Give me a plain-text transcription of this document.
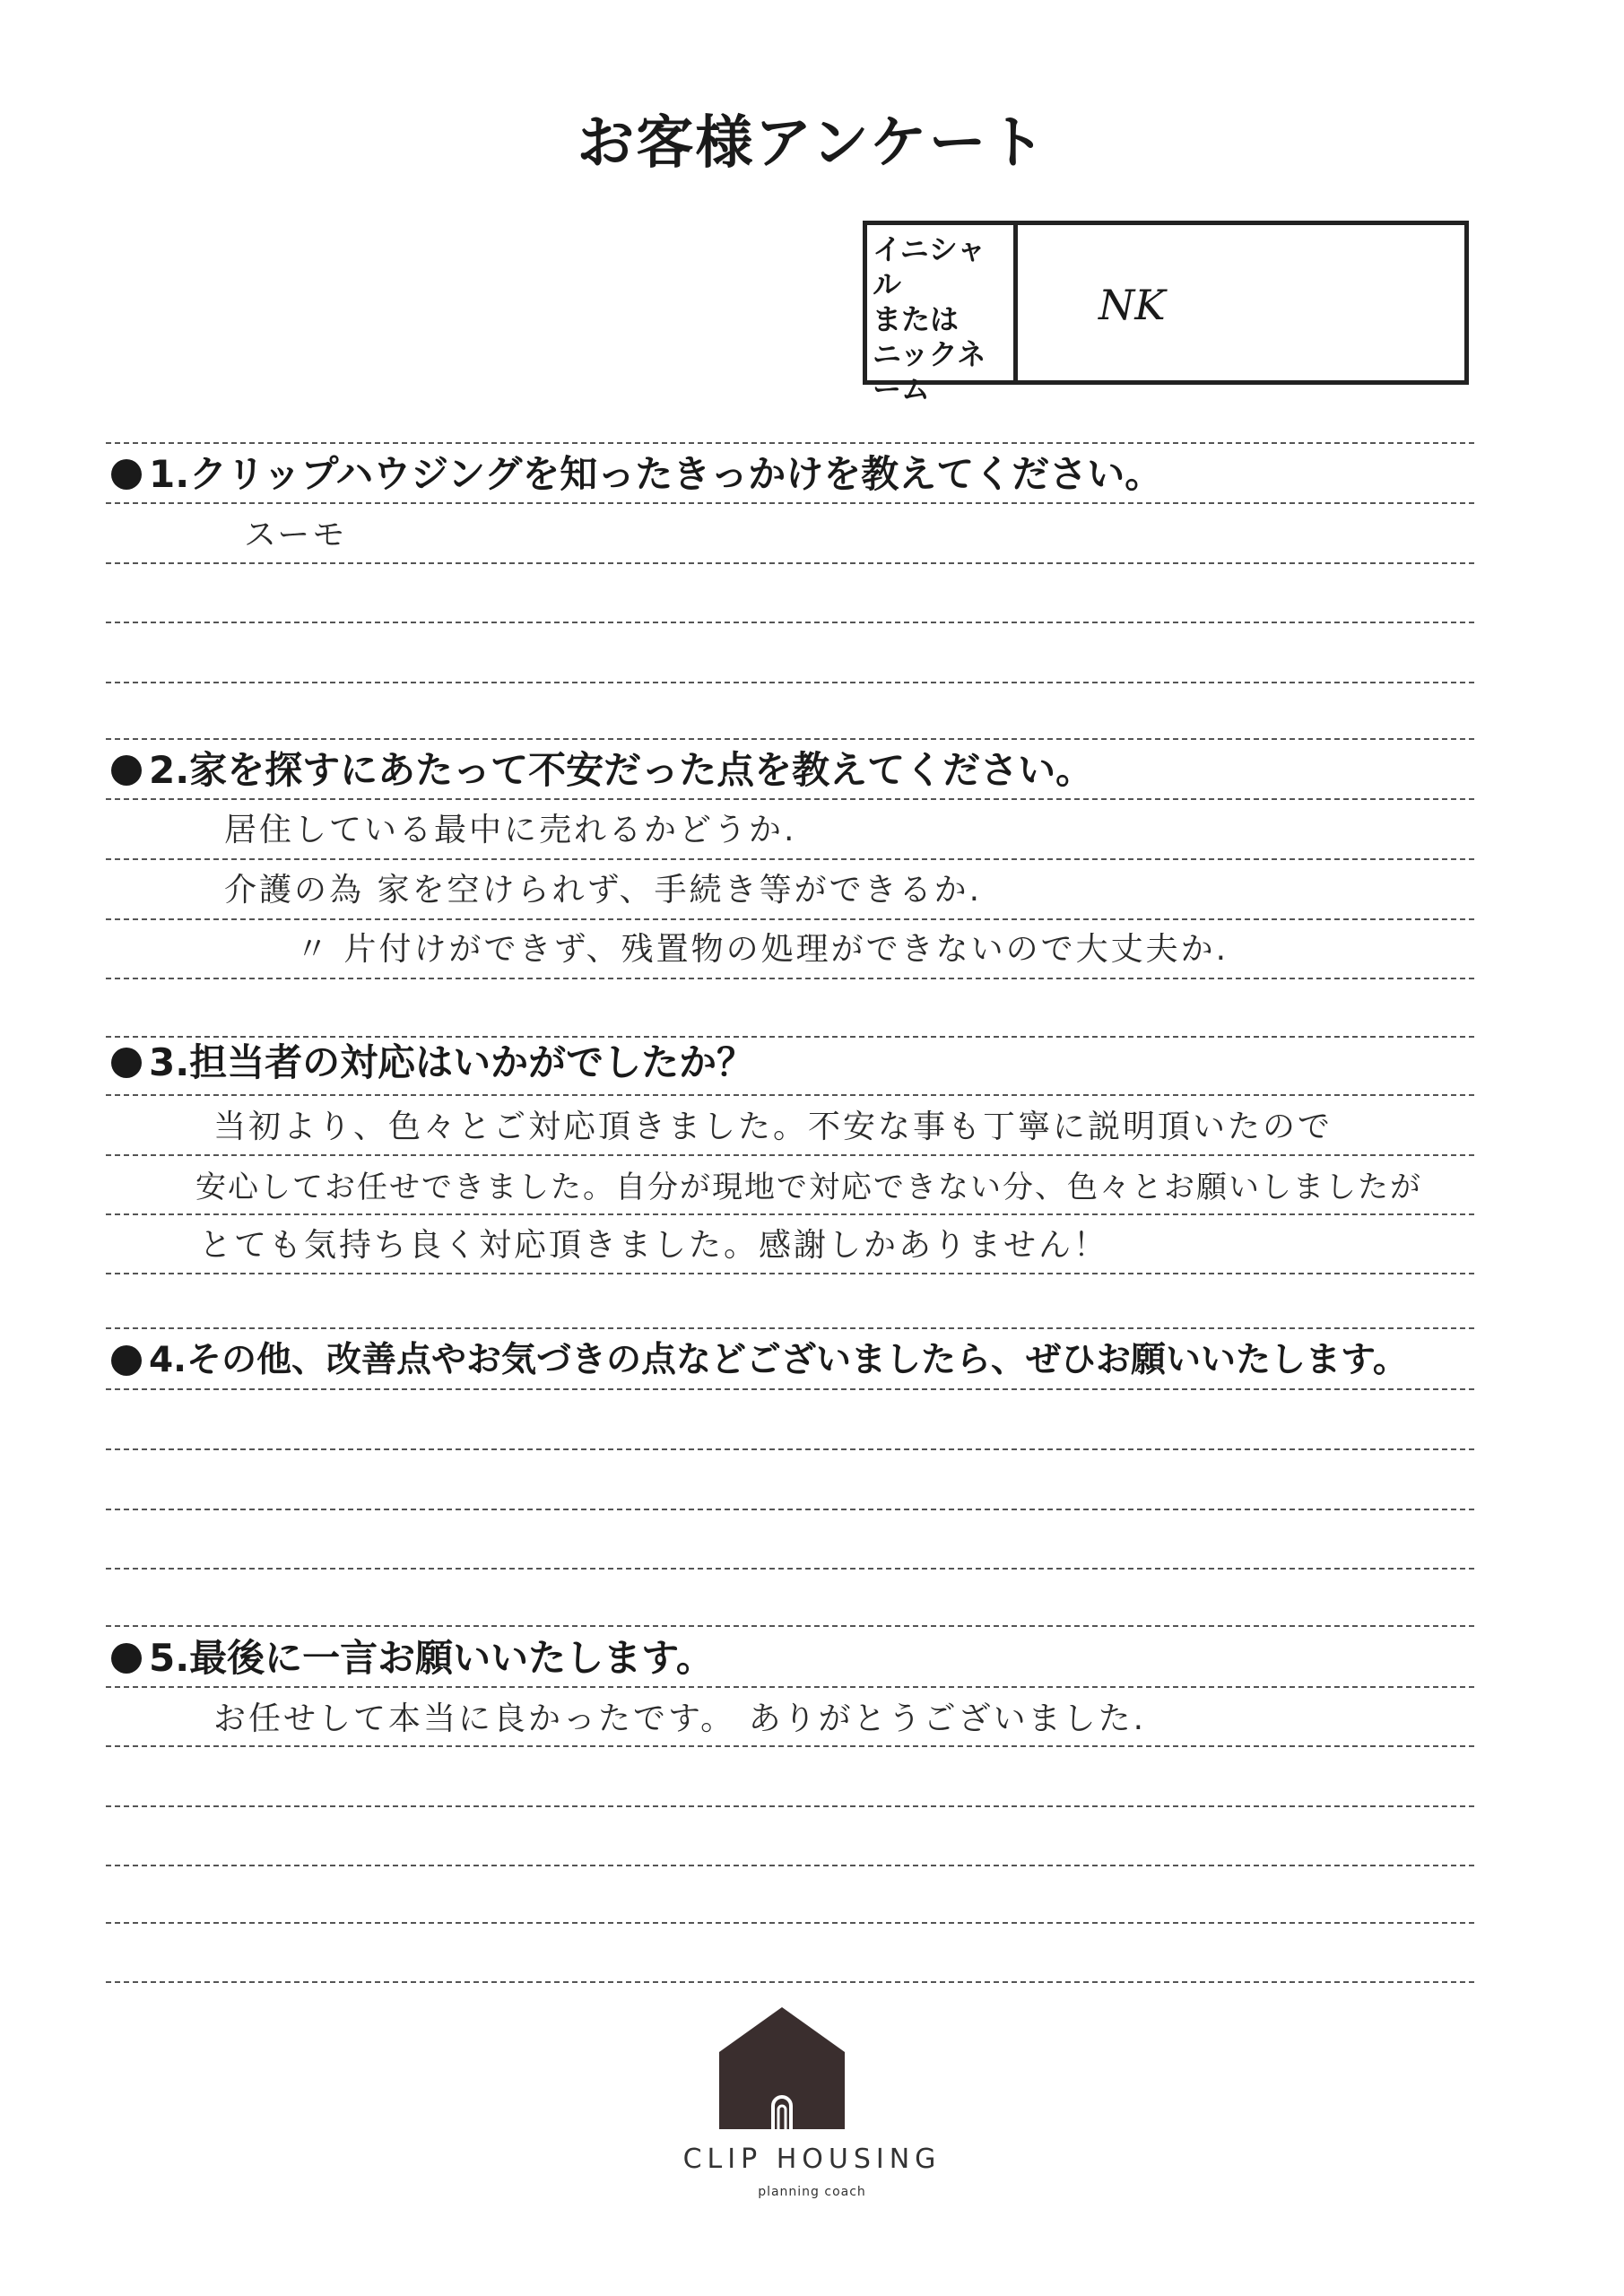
お客様アンケート
イニシャル
または
ニックネーム
NK
1.クリップハウジングを知ったきっかけを教えてください。
スーモ
2.家を探すにあたって不安だった点を教えてください。
居住している最中に売れるかどうか.
介護の為 家を空けられず、手続き等ができるか.
〃 片付けができず、残置物の処理ができないので大丈夫か.
3.担当者の対応はいかがでしたか？
当初より、色々とご対応頂きました。不安な事も丁寧に説明頂いたので
安心してお任せできました。自分が現地で対応できない分、色々とお願いしましたが
とても気持ち良く対応頂きました。感謝しかありません！
4.その他、改善点やお気づきの点などございましたら、ぜひお願いいたします。
5.最後に一言お願いいたします。
お任せして本当に良かったです。 ありがとうございました.
CLIP HOUSING
planning coach
